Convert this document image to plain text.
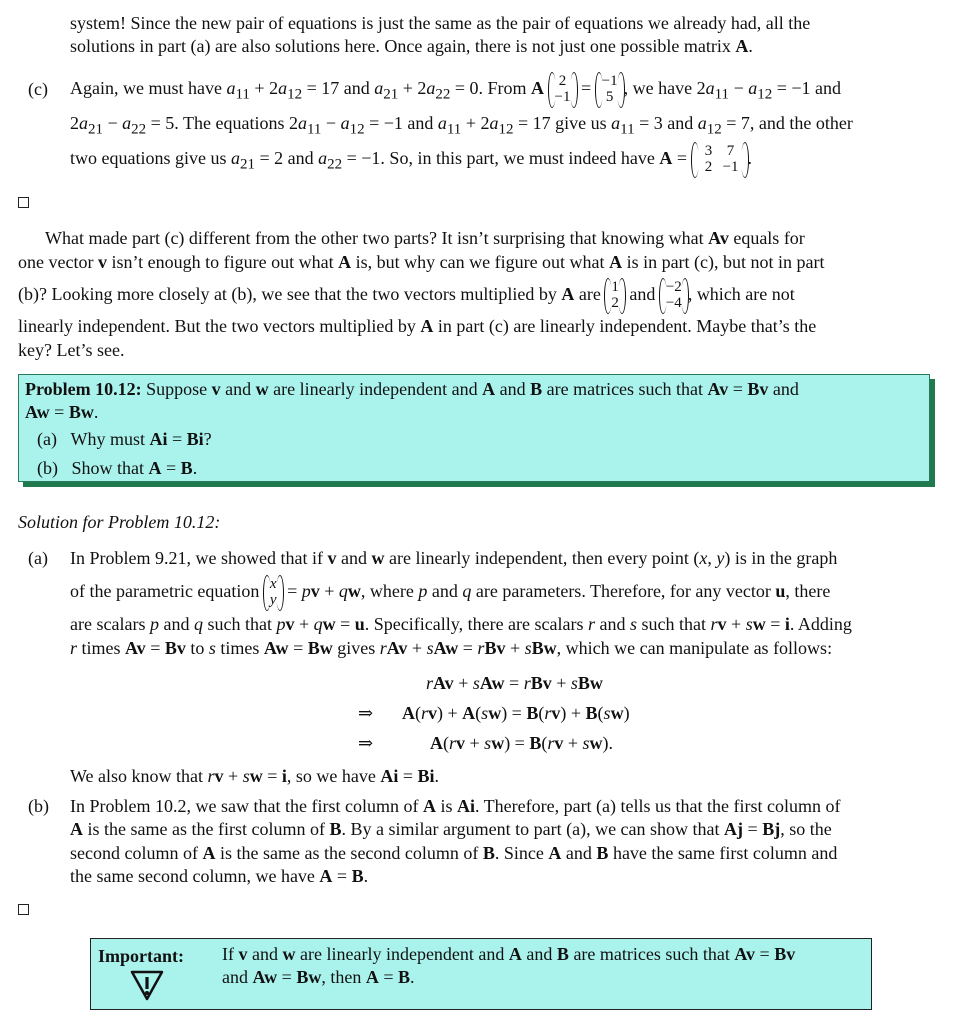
system! Since the new pair of equations is just the same as the pair of equations we already had, all the

solutions in part (a) are also solutions here. Once again, there is not just one possible matrix A.

(c) Again, we must have $a_{11} + 2a_{12} = 17$ and $a_{21} + 2a_{22} = 0$. From A 2
−1 = −1
5 , we have $2a_{11} - a_{12} = -1$ and

$2a_{21} - a_{22} = 5$. The equations $2a_{11} - a_{12} = -1$ and $a_{11} + 2a_{12} = 17$ give us $a_{11} = 3$ and $a_{12} = 7$, and the other

two equations give us $a_{21} = 2$ and $a_{22} = -1$. So, in this part, we must indeed have A = 3 7
2 −1 .

What made part (c) different from the other two parts? It isn’t surprising that knowing what Av equals for

one vector v isn’t enough to figure out what A is, but why can we figure out what A is in part (c), but not in part

(b)? Looking more closely at (b), we see that the two vectors multiplied by A are 1
2 and −2
−4 , which are not

linearly independent. But the two vectors multiplied by A in part (c) are linearly independent. Maybe that’s the

key? Let’s see.

Problem 10.12: Suppose v and w are linearly independent and A and B are matrices such that Av = Bv and
Aw = Bw.
(a) Why must Ai = Bi?
(b) Show that A = B.
Solution for Problem 10.12:
(a) In Problem 9.21, we showed that if v and w are linearly independent, then every point (x, y) is in the graph

of the parametric equation x
y = pv + qw, where p and q are parameters. Therefore, for any vector u, there

are scalars p and q such that pv + qw = u. Specifically, there are scalars r and s such that rv + sw = i. Adding

r times Av = Bv to s times Aw = Bw gives rAv + sAw = rBv + sBw, which we can manipulate as follows:

rAv + sAw = rBv + sBw
⇒ A(rv) + A(sw) = B(rv) + B(sw)
⇒	A(rv + sw) = B(rv + sw).

We also know that rv + sw = i, so we have Ai = Bi.

(b) In Problem 10.2, we saw that the first column of A is Ai. Therefore, part (a) tells us that the first column of

A is the same as the first column of B. By a similar argument to part (a), we can show that Aj = Bj, so the

second column of A is the same as the second column of B. Since A and B have the same first column and

the same second column, we have A = B.

Important: If v and w are linearly independent and A and B are matrices such that Av = Bv

and Aw = Bw, then A = B.
